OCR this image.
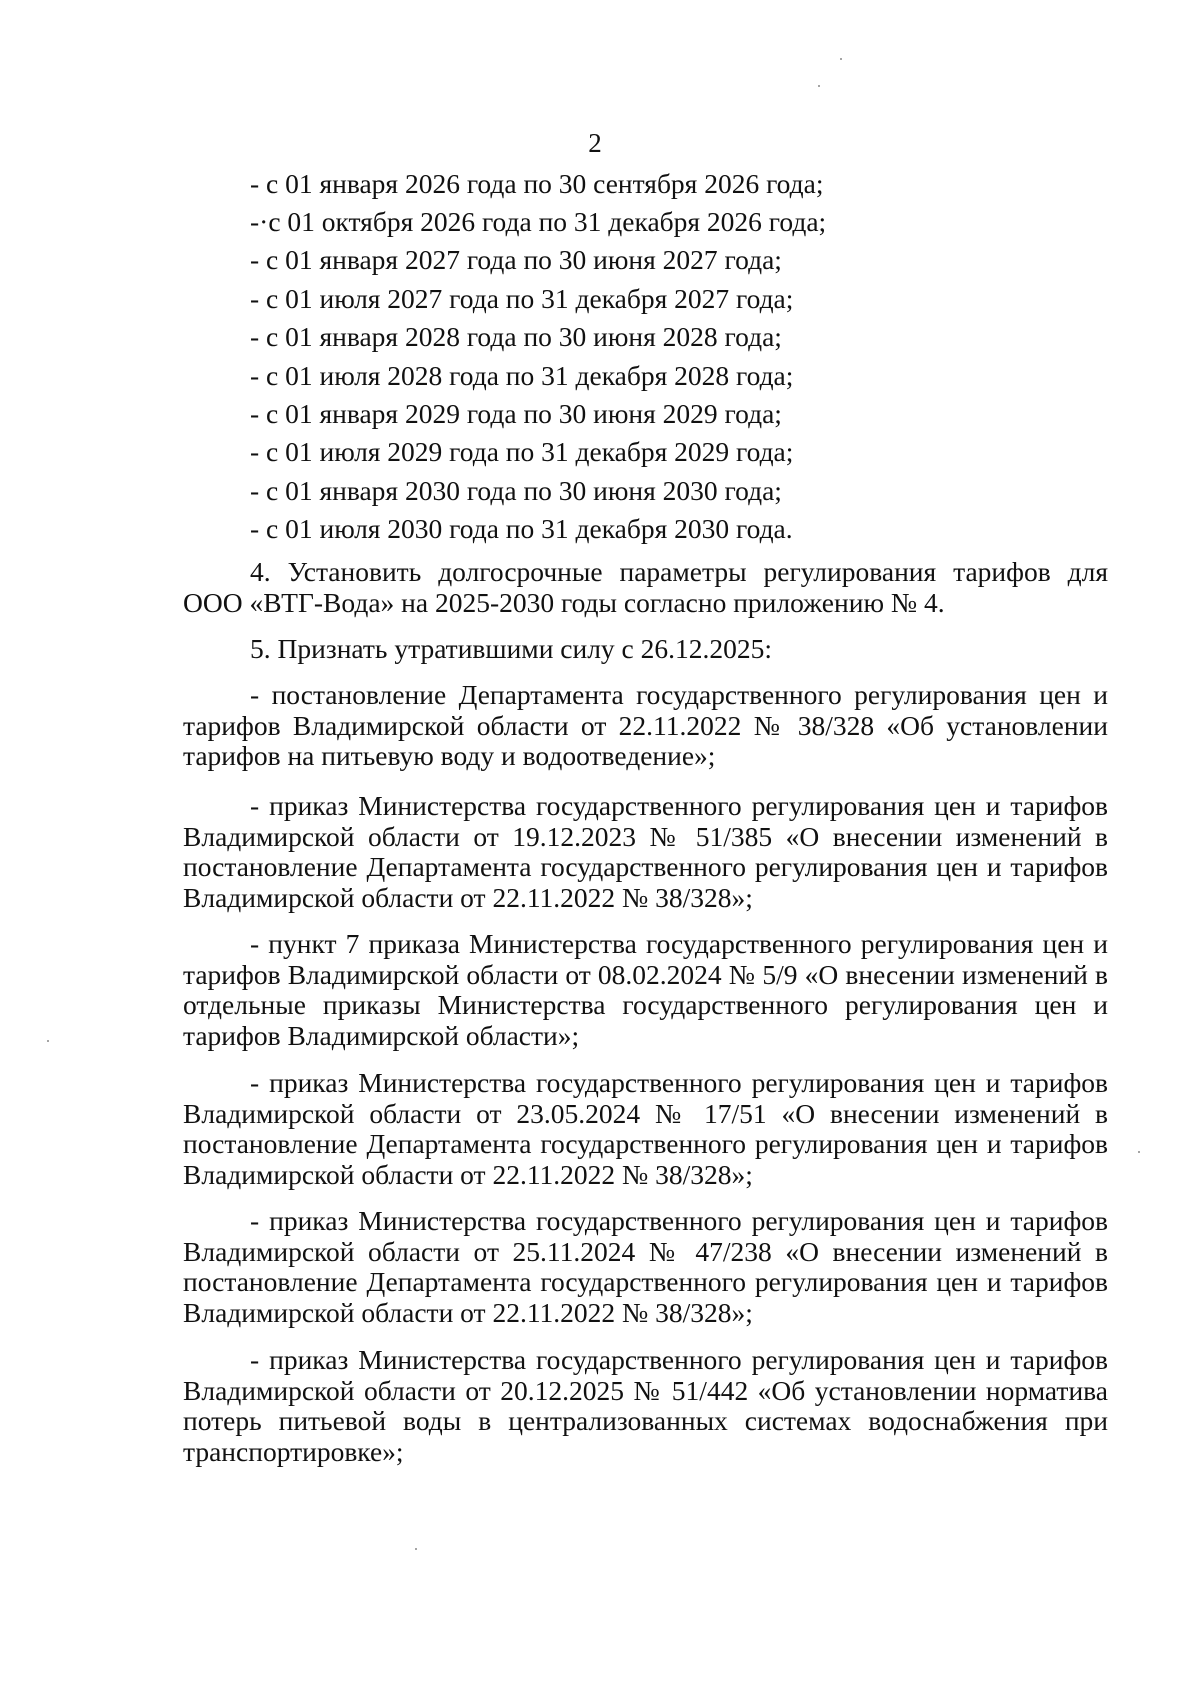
2
- с 01 января 2026 года по 30 сентября 2026 года;
-·с 01 октября 2026 года по 31 декабря 2026 года;
- с 01 января 2027 года по 30 июня 2027 года;
- с 01 июля 2027 года по 31 декабря 2027 года;
- с 01 января 2028 года по 30 июня 2028 года;
- с 01 июля 2028 года по 31 декабря 2028 года;
- с 01 января 2029 года по 30 июня 2029 года;
- с 01 июля 2029 года по 31 декабря 2029 года;
- с 01 января 2030 года по 30 июня 2030 года;
- с 01 июля 2030 года по 31 декабря 2030 года.

4. Установить долгосрочные параметры регулирования тарифов для ООО «ВТГ-Вода» на 2025-2030 годы согласно приложению № 4.

5. Признать утратившими силу с 26.12.2025:

- постановление Департамента государственного регулирования цен и тарифов Владимирской области от 22.11.2022 № 38/328 «Об установлении тарифов на питьевую воду и водоотведение»;

- приказ Министерства государственного регулирования цен и тарифов Владимирской области от 19.12.2023 № 51/385 «О внесении изменений в постановление Департамента государственного регулирования цен и тарифов Владимирской области от 22.11.2022 № 38/328»;

- пункт 7 приказа Министерства государственного регулирования цен и тарифов Владимирской области от 08.02.2024 № 5/9 «О внесении изменений в отдельные приказы Министерства государственного регулирования цен и тарифов Владимирской области»;

- приказ Министерства государственного регулирования цен и тарифов Владимирской области от 23.05.2024 № 17/51 «О внесении изменений в постановление Департамента государственного регулирования цен и тарифов Владимирской области от 22.11.2022 № 38/328»;

- приказ Министерства государственного регулирования цен и тарифов Владимирской области от 25.11.2024 № 47/238 «О внесении изменений в постановление Департамента государственного регулирования цен и тарифов Владимирской области от 22.11.2022 № 38/328»;

- приказ Министерства государственного регулирования цен и тарифов Владимирской области от 20.12.2025 № 51/442 «Об установлении норматива потерь питьевой воды в централизованных системах водоснабжения при транспортировке»;
